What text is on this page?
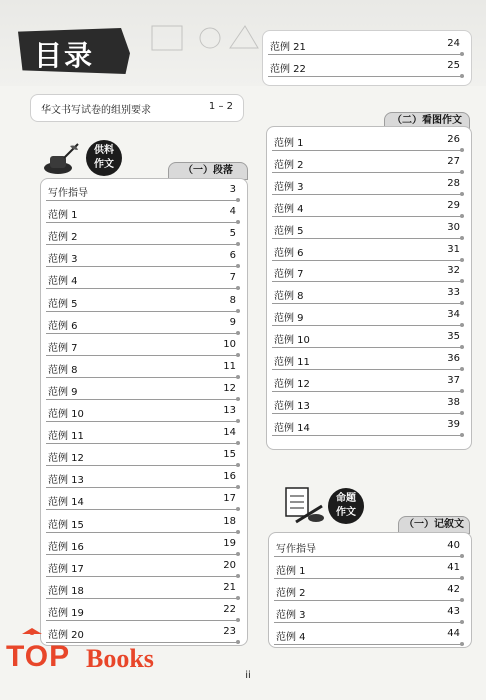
目录	范例 21	24
范例 22	25
华文书写试卷的组别要求	1 – 2
供料
作文
（一）段落
写作指导	3
范例 1	4
范例 2	5
范例 3	6
范例 4	7
范例 5	8
范例 6	9
范例 7	10
范例 8	11
范例 9	12
范例 10	13
范例 11	14
范例 12	15
范例 13	16
范例 14	17
范例 15	18
范例 16	19
范例 17	20
范例 18	21
范例 19	22
范例 20	23
（二）看图作文
范例 1	26
范例 2	27
范例 3	28
范例 4	29
范例 5	30
范例 6	31
范例 7	32
范例 8	33
范例 9	34
范例 10	35
范例 11	36
范例 12	37
范例 13	38
范例 14	39
命题
作文
（一）记叙文
写作指导	40
范例 1	41
范例 2	42
范例 3	43
范例 4	44
TOP Books
ii
